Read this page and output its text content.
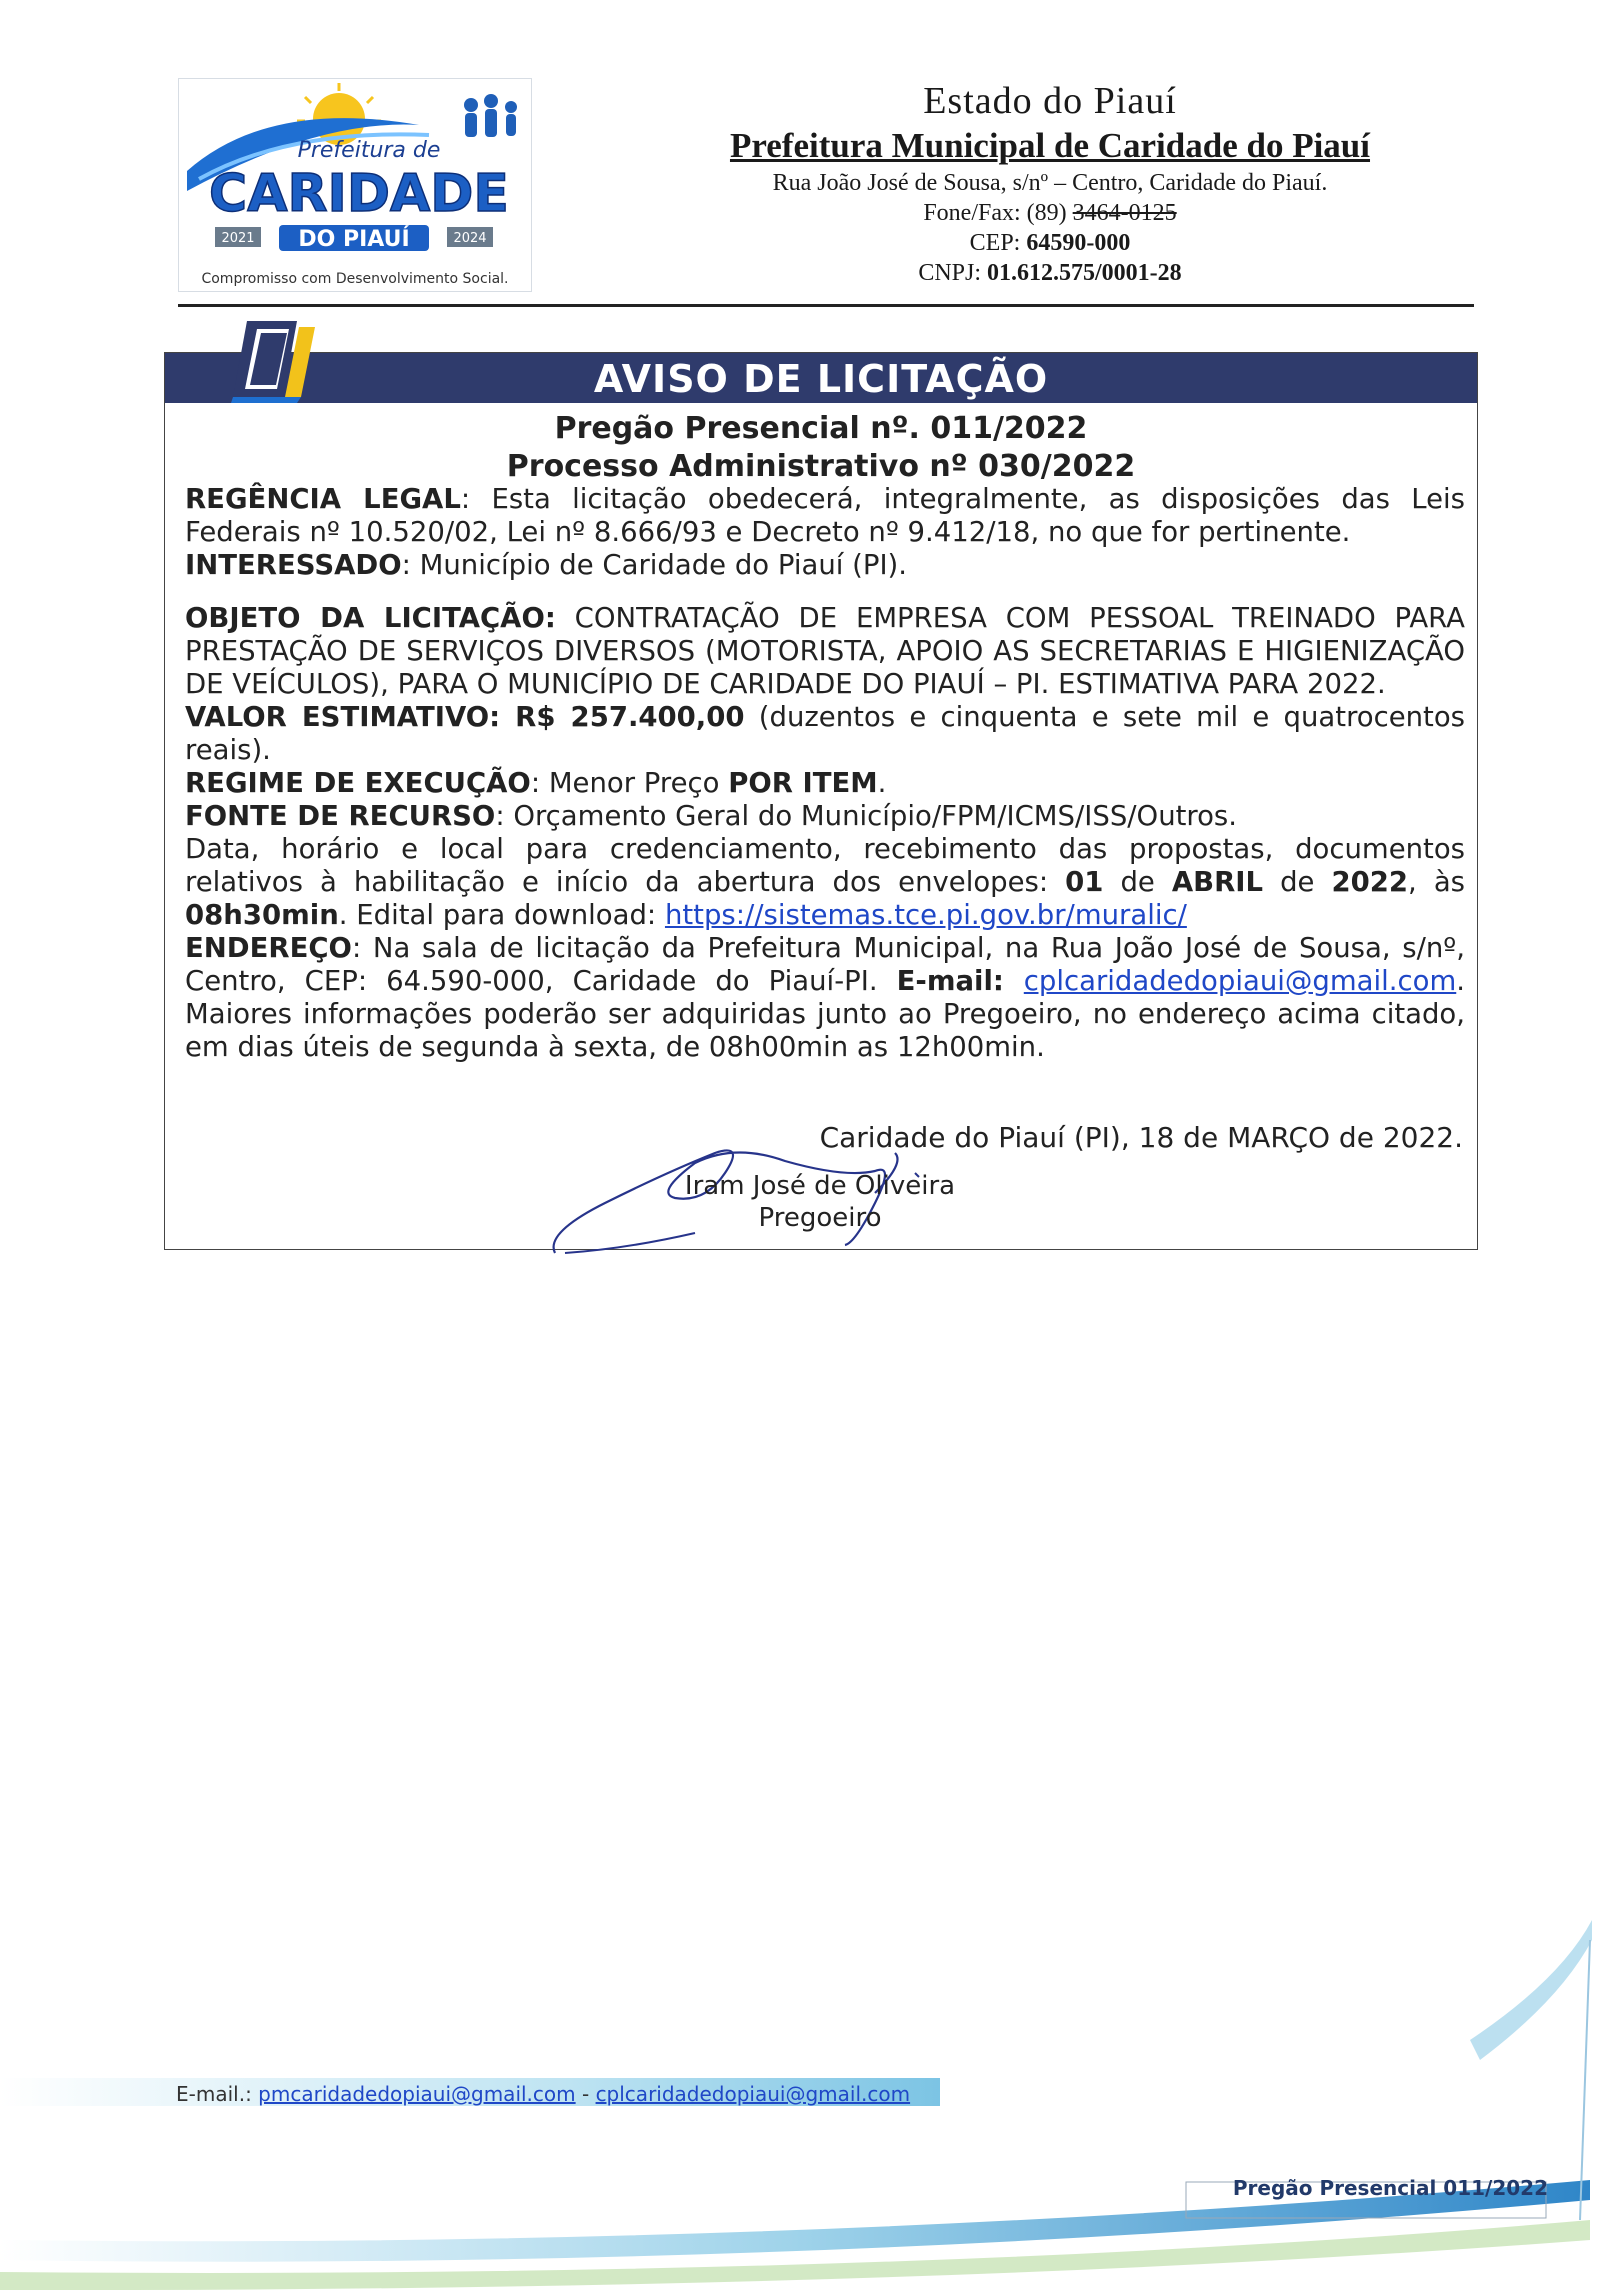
Prefeitura de
CARIDADE
DO PIAUÍ
2021	2024
Compromisso com Desenvolvimento Social.
Estado do Piauí
Prefeitura Municipal de Caridade do Piauí
Rua João José de Sousa, s/nº – Centro, Caridade do Piauí.
Fone/Fax: (89) 3464-0125
CEP: 64590-000
CNPJ: 01.612.575/0001-28
AVISO DE LICITAÇÃO
Pregão Presencial nº. 011/2022
Processo Administrativo nº 030/2022

REGÊNCIA LEGAL: Esta licitação obedecerá, integralmente, as disposições das Leis Federais nº 10.520/02, Lei nº 8.666/93 e Decreto nº 9.412/18, no que for pertinente.

INTERESSADO: Município de Caridade do Piauí (PI).

OBJETO DA LICITAÇÃO: CONTRATAÇÃO DE EMPRESA COM PESSOAL TREINADO PARA PRESTAÇÃO DE SERVIÇOS DIVERSOS (MOTORISTA, APOIO AS SECRETARIAS E HIGIENIZAÇÃO DE VEÍCULOS), PARA O MUNICÍPIO DE CARIDADE DO PIAUÍ – PI. ESTIMATIVA PARA 2022.

VALOR ESTIMATIVO: R$ 257.400,00 (duzentos e cinquenta e sete mil e quatrocentos reais).

REGIME DE EXECUÇÃO: Menor Preço POR ITEM.

FONTE DE RECURSO: Orçamento Geral do Município/FPM/ICMS/ISS/Outros.

Data, horário e local para credenciamento, recebimento das propostas, documentos relativos à habilitação e início da abertura dos envelopes: 01 de ABRIL de 2022, às 08h30min. Edital para download: https://sistemas.tce.pi.gov.br/muralic/

ENDEREÇO: Na sala de licitação da Prefeitura Municipal, na Rua João José de Sousa, s/nº, Centro, CEP: 64.590-000, Caridade do Piauí-PI. E-mail: cplcaridadedopiaui@gmail.com. Maiores informações poderão ser adquiridas junto ao Pregoeiro, no endereço acima citado, em dias úteis de segunda à sexta, de 08h00min as 12h00min.

Caridade do Piauí (PI), 18 de MARÇO de 2022.
Iram José de Oliveira
Pregoeiro
E-mail.: pmcaridadedopiaui@gmail.com - cplcaridadedopiaui@gmail.com
Pregão Presencial 011/2022
